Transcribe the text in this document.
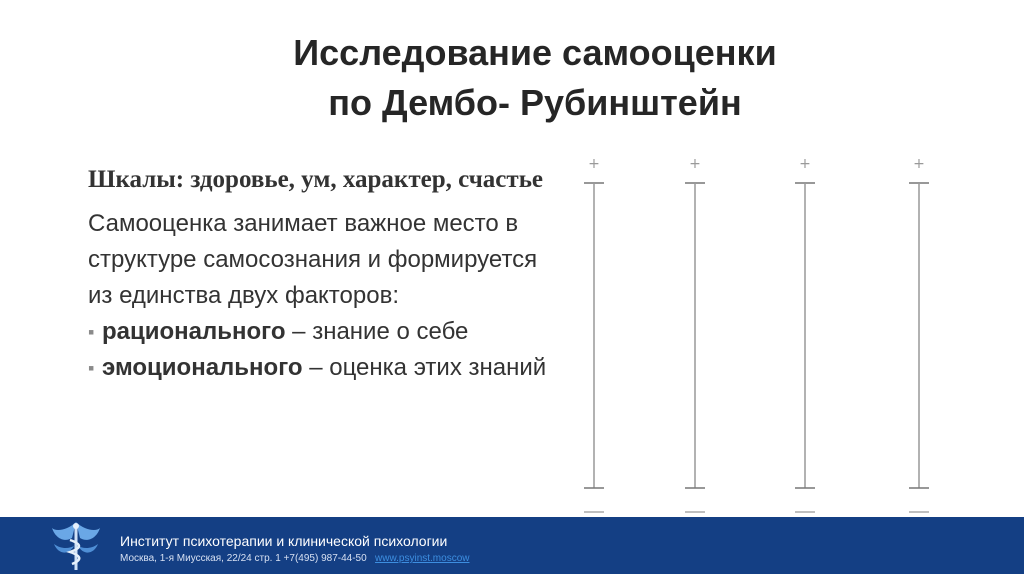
Исследование самооценки
по Дембо- Рубинштейн

Шкалы: здоровье, ум, характер, счастье

Самооценка занимает важное место в структуре самосознания и формируется из единства двух факторов:

▪ рационального – знание о себе
▪ эмоционального – оценка этих знаний
+	+	+	+
Институт психотерапии и клинической психологии
Москва, 1-я Миусская, 22/24 стр. 1 +7(495) 987-44-50 www.psyinst.moscow
